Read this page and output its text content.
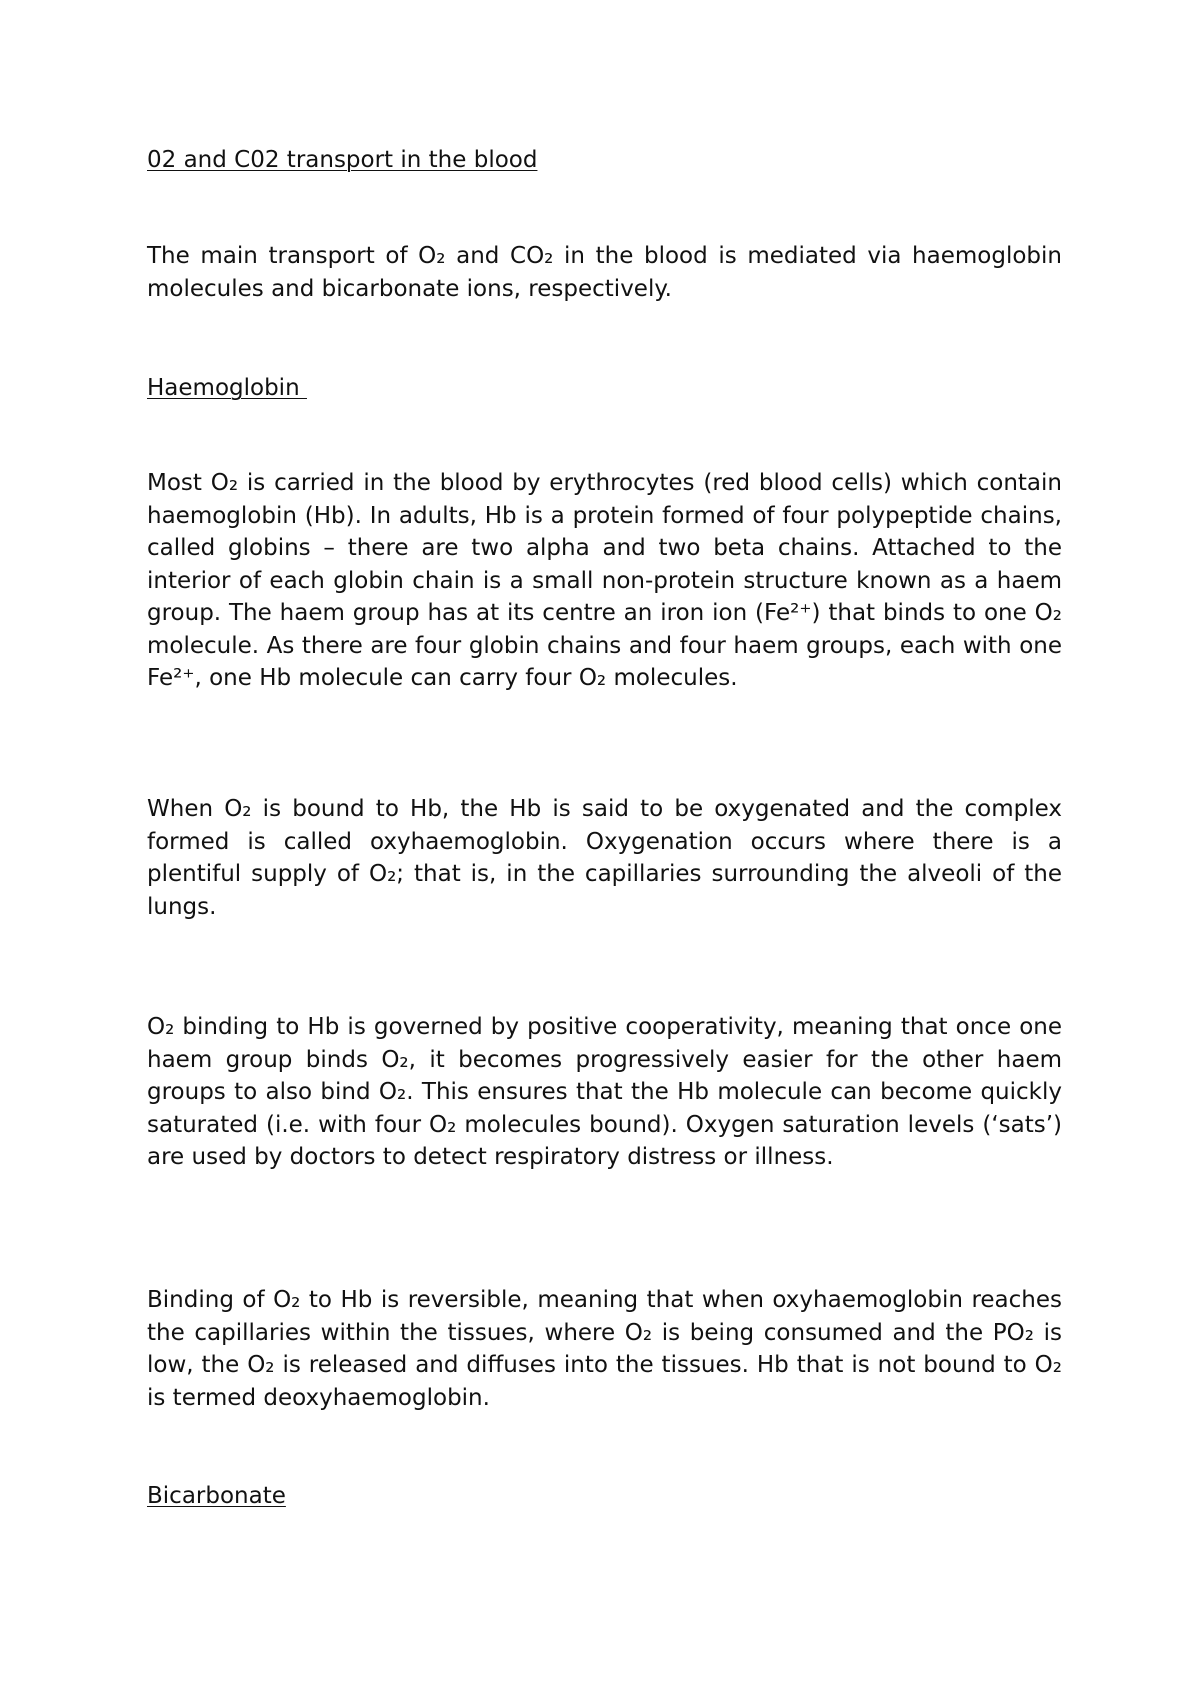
02 and C02 transport in the blood

The main transport of O₂ and CO₂ in the blood is mediated via haemoglobin molecules and bicarbonate ions, respectively.

Haemoglobin

Most O₂ is carried in the blood by erythrocytes (red blood cells) which contain haemoglobin (Hb). In adults, Hb is a protein formed of four polypeptide chains, called globins – there are two alpha and two beta chains. Attached to the interior of each globin chain is a small non-protein structure known as a haem group. The haem group has at its centre an iron ion (Fe²⁺) that binds to one O₂ molecule. As there are four globin chains and four haem groups, each with one Fe²⁺, one Hb molecule can carry four O₂ molecules.

When O₂ is bound to Hb, the Hb is said to be oxygenated and the complex formed is called oxyhaemoglobin. Oxygenation occurs where there is a plentiful supply of O₂; that is, in the capillaries surrounding the alveoli of the lungs.

O₂ binding to Hb is governed by positive cooperativity, meaning that once one haem group binds O₂, it becomes progressively easier for the other haem groups to also bind O₂. This ensures that the Hb molecule can become quickly saturated (i.e. with four O₂ molecules bound). Oxygen saturation levels (‘sats’) are used by doctors to detect respiratory distress or illness.

Binding of O₂ to Hb is reversible, meaning that when oxyhaemoglobin reaches the capillaries within the tissues, where O₂ is being consumed and the PO₂ is low, the O₂ is released and diffuses into the tissues. Hb that is not bound to O₂ is termed deoxyhaemoglobin.

Bicarbonate
